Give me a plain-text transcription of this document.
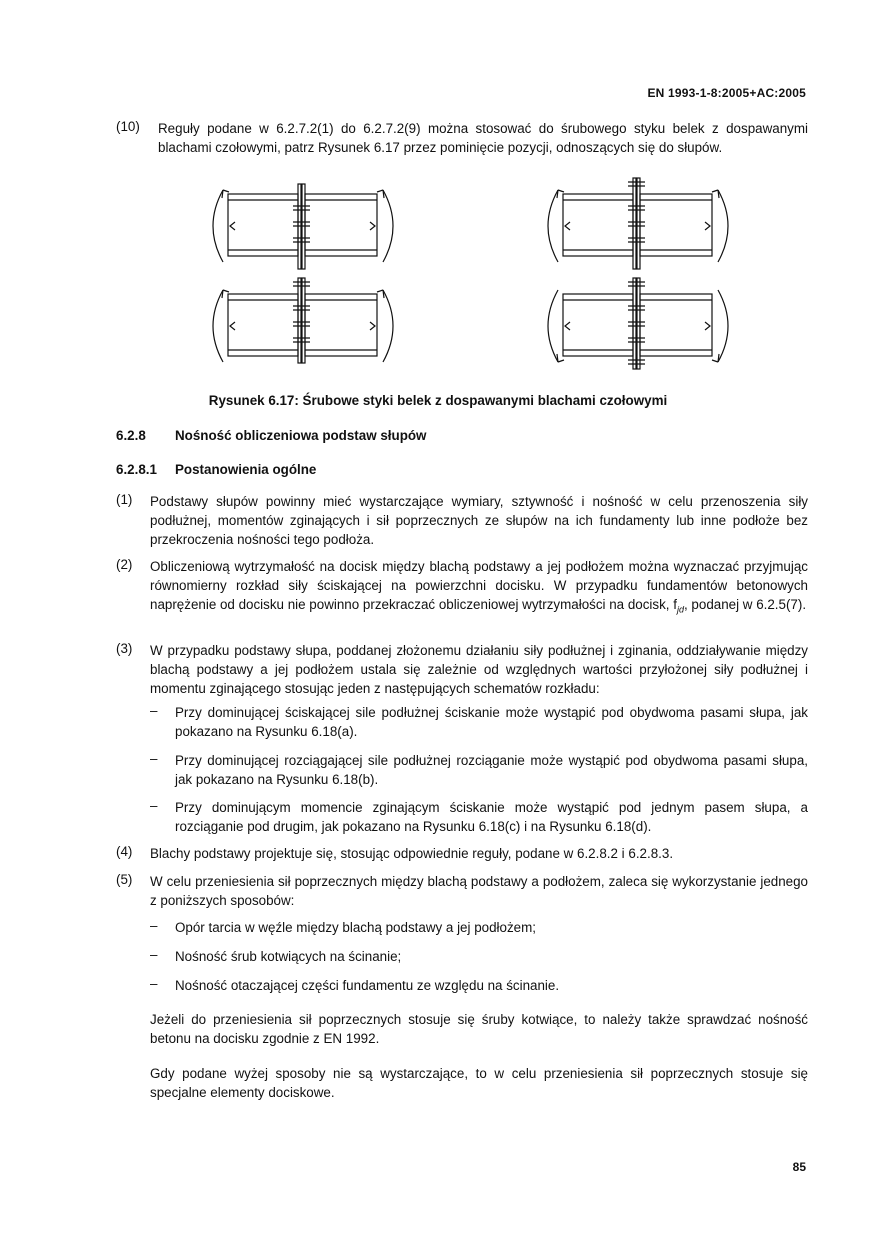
EN 1993-1-8:2005+AC:2005
(10) Reguły podane w 6.2.7.2(1) do 6.2.7.2(9) można stosować do śrubowego styku belek z dospawanymi blachami czołowymi, patrz Rysunek 6.17 przez pominięcie pozycji, odnoszących się do słupów.
Rysunek 6.17: Śrubowe styki belek z dospawanymi blachami czołowymi
6.2.8 Nośność obliczeniowa podstaw słupów
6.2.8.1 Postanowienia ogólne
(1) Podstawy słupów powinny mieć wystarczające wymiary, sztywność i nośność w celu przenoszenia siły podłużnej, momentów zginających i sił poprzecznych ze słupów na ich fundamenty lub inne podłoże bez przekroczenia nośności tego podłoża.
(2) Obliczeniową wytrzymałość na docisk między blachą podstawy a jej podłożem można wyznaczać przyjmując równomierny rozkład siły ściskającej na powierzchni docisku. W przypadku fundamentów betonowych naprężenie od docisku nie powinno przekraczać obliczeniowej wytrzymałości na docisk, $f_{jd}$, podanej w 6.2.5(7).
(3) W przypadku podstawy słupa, poddanej złożonemu działaniu siły podłużnej i zginania, oddziaływanie między blachą podstawy a jej podłożem ustala się zależnie od względnych wartości przyłożonej siły podłużnej i momentu zginającego stosując jeden z następujących schematów rozkładu:
– Przy dominującej ściskającej sile podłużnej ściskanie może wystąpić pod obydwoma pasami słupa, jak pokazano na Rysunku 6.18(a).
– Przy dominującej rozciągającej sile podłużnej rozciąganie może wystąpić pod obydwoma pasami słupa, jak pokazano na Rysunku 6.18(b).
– Przy dominującym momencie zginającym ściskanie może wystąpić pod jednym pasem słupa, a rozciąganie pod drugim, jak pokazano na Rysunku 6.18(c) i na Rysunku 6.18(d).
(4) Blachy podstawy projektuje się, stosując odpowiednie reguły, podane w 6.2.8.2 i 6.2.8.3.
(5) W celu przeniesienia sił poprzecznych między blachą podstawy a podłożem, zaleca się wykorzystanie jednego z poniższych sposobów:
– Opór tarcia w węźle między blachą podstawy a jej podłożem;
– Nośność śrub kotwiących na ścinanie;
– Nośność otaczającej części fundamentu ze względu na ścinanie.
Jeżeli do przeniesienia sił poprzecznych stosuje się śruby kotwiące, to należy także sprawdzać nośność betonu na docisku zgodnie z EN 1992.
Gdy podane wyżej sposoby nie są wystarczające, to w celu przeniesienia sił poprzecznych stosuje się specjalne elementy dociskowe.
85
